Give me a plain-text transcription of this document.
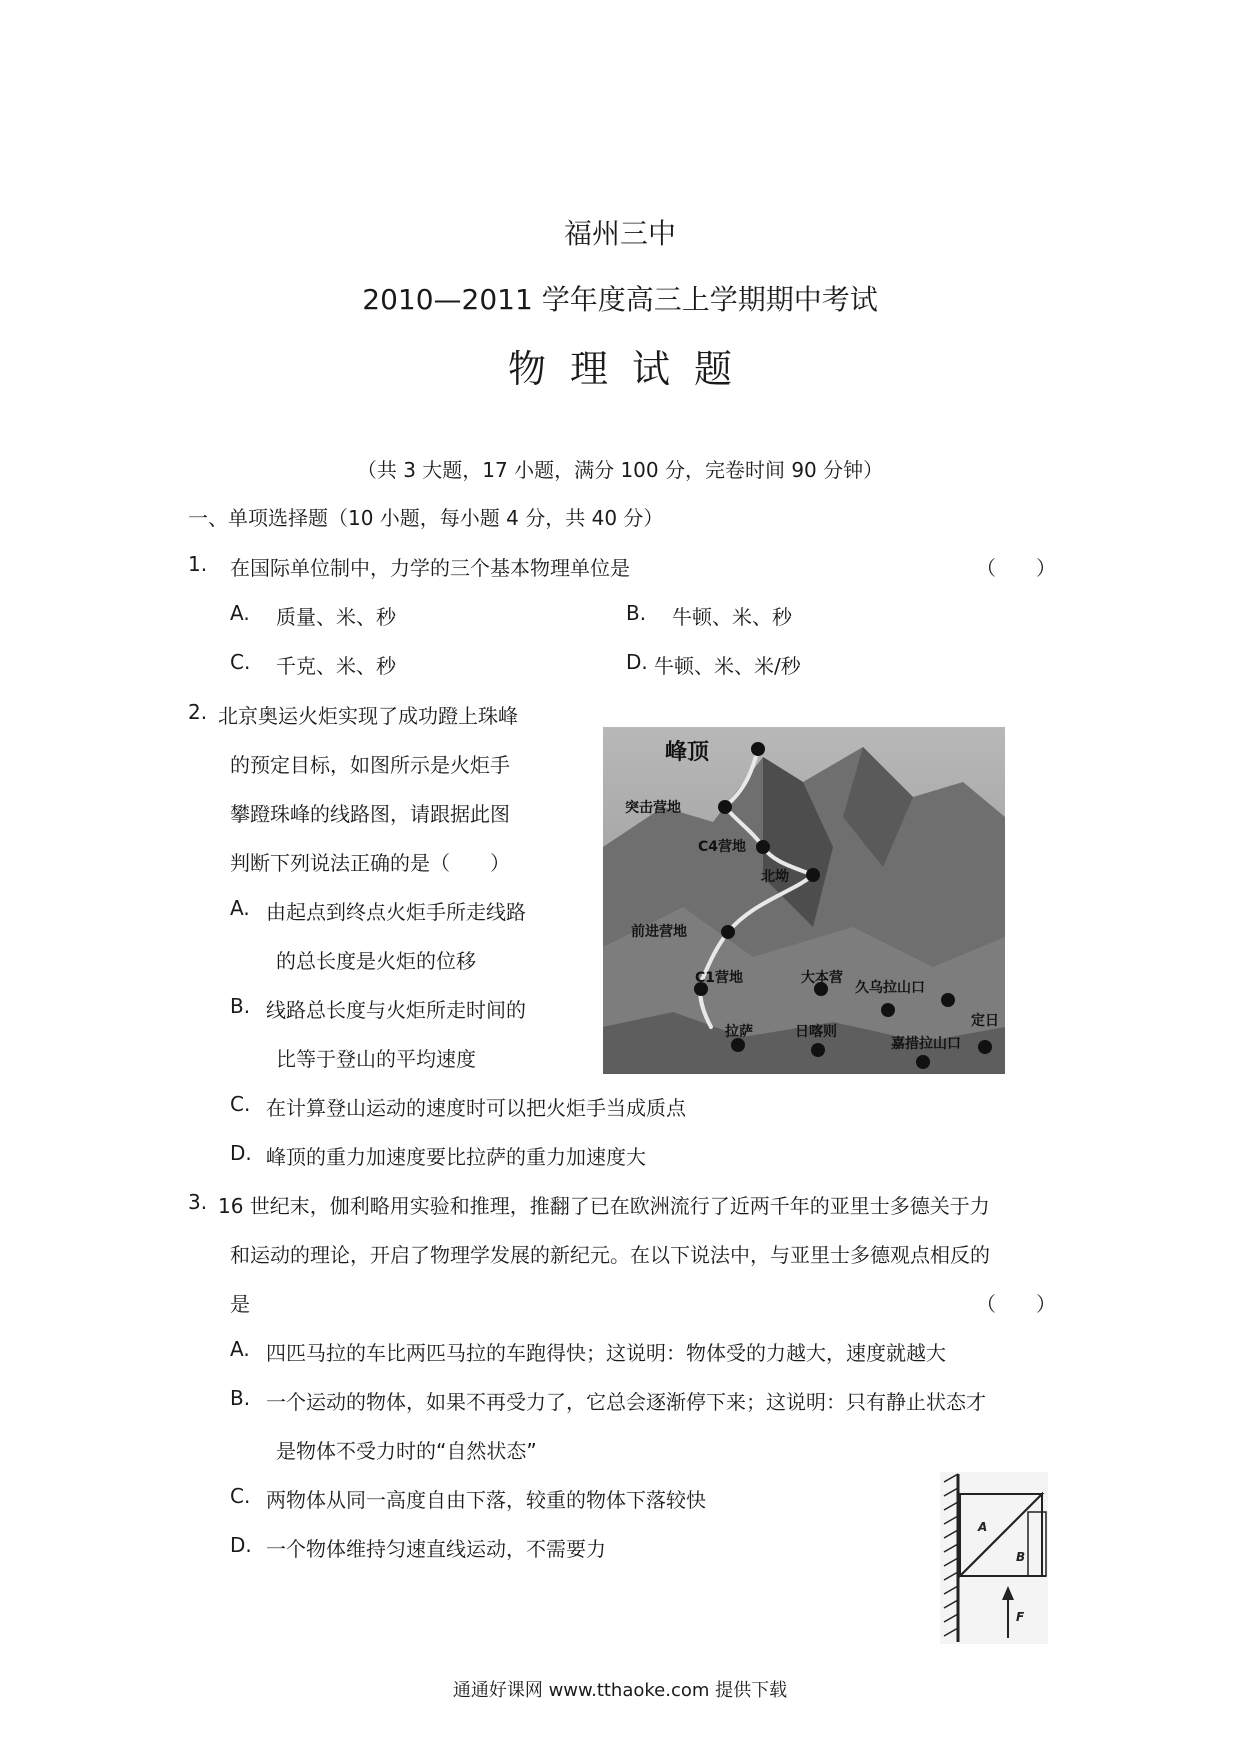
福州三中
2010—2011 学年度高三上学期期中考试
物理试题
（共 3 大题，17 小题，满分 100 分，完卷时间 90 分钟）
一、单项选择题（10 小题，每小题 4 分，共 40 分）
1. 在国际单位制中，力学的三个基本物理单位是	（　　）
A. 质量、米、秒	B. 牛顿、米、秒
C. 千克、米、秒	D. 牛顿、米、米/秒
2. 北京奥运火炬实现了成功蹬上珠峰
的预定目标，如图所示是火炬手
攀蹬珠峰的线路图，请跟据此图
判断下列说法正确的是（　　）
A. 由起点到终点火炬手所走线路
的总长度是火炬的位移
B. 线路总长度与火炬所走时间的
比等于登山的平均速度
C. 在计算登山运动的速度时可以把火炬手当成质点
D. 峰顶的重力加速度要比拉萨的重力加速度大
峰顶
突击营地
C4营地
北坳
前进营地
C1营地	大本营
久乌拉山口
定日
拉萨	日喀则
嘉措拉山口
3. 16 世纪末，伽利略用实验和推理，推翻了已在欧洲流行了近两千年的亚里士多德关于力
和运动的理论，开启了物理学发展的新纪元。在以下说法中，与亚里士多德观点相反的
是	（　　）
A. 四匹马拉的车比两匹马拉的车跑得快；这说明：物体受的力越大，速度就越大
B. 一个运动的物体，如果不再受力了，它总会逐渐停下来；这说明：只有静止状态才
是物体不受力时的“自然状态”
C. 两物体从同一高度自由下落，较重的物体下落较快
D. 一个物体维持匀速直线运动，不需要力
A
B
F
通通好课网 www.tthaoke.com 提供下载
